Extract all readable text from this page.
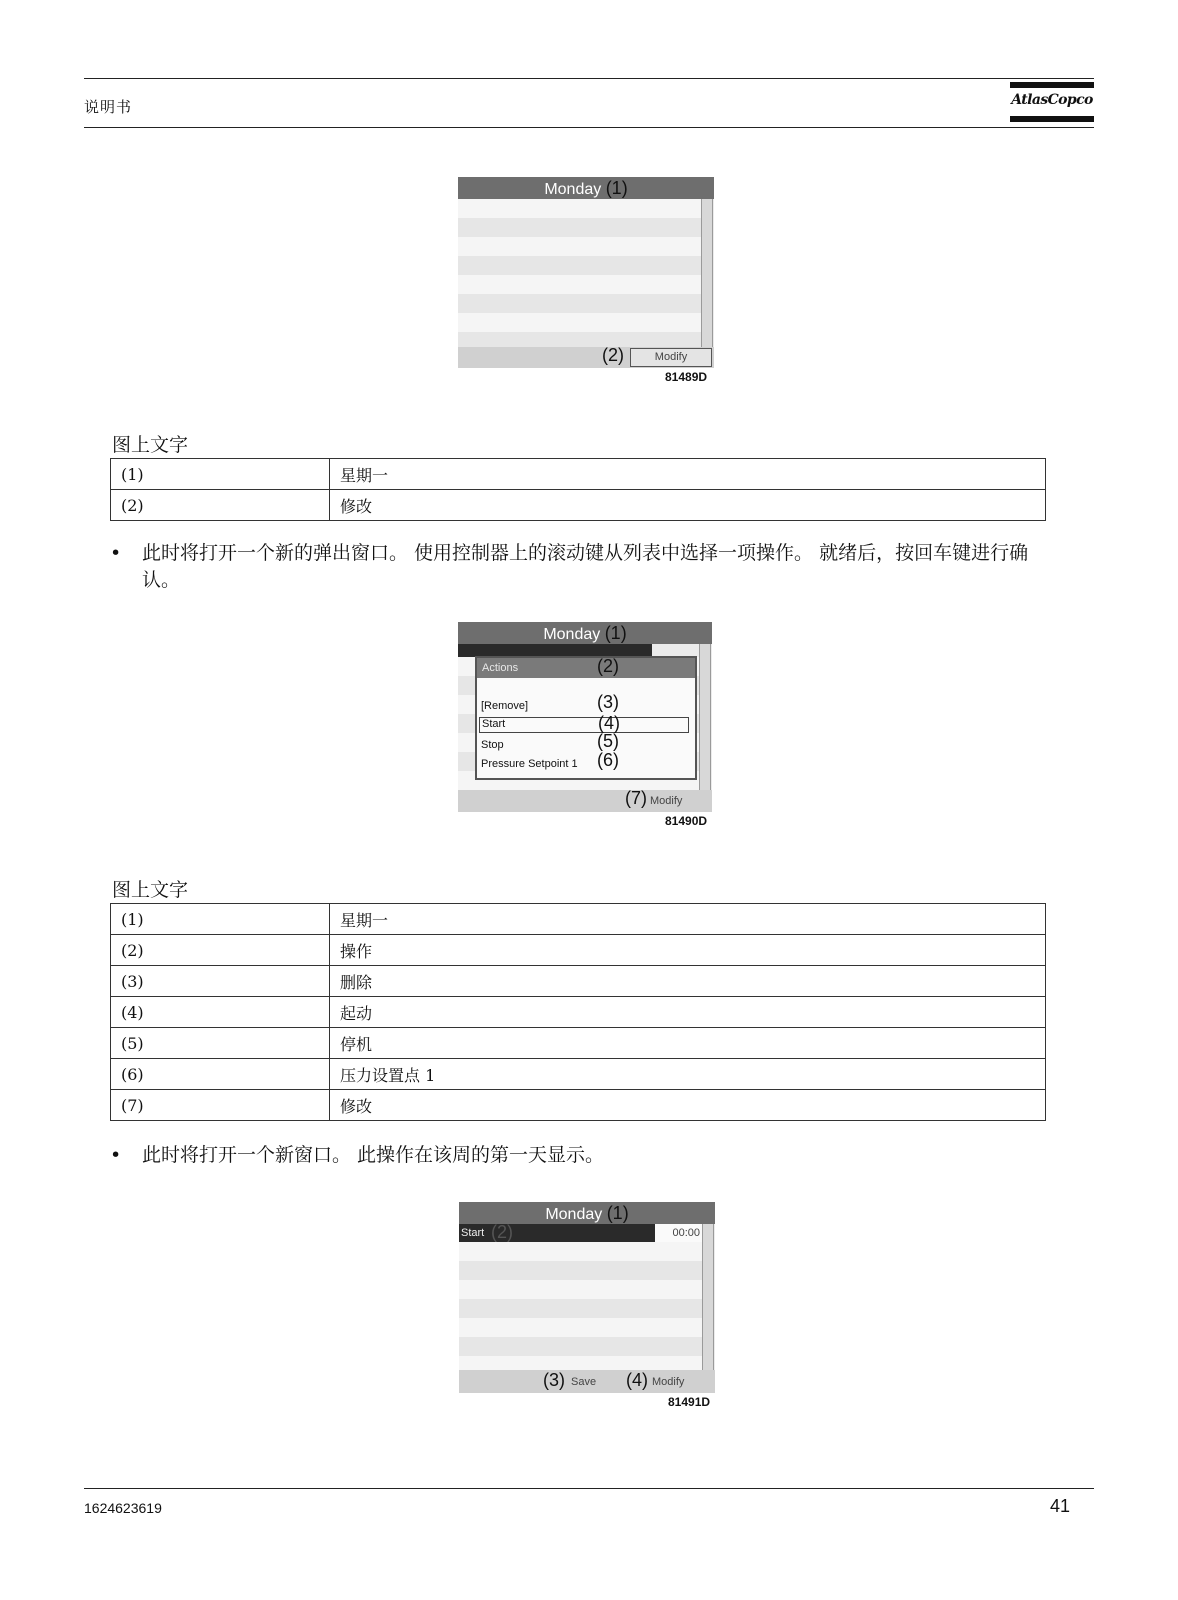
说明书	AtlasCopco
Monday (1)
(2)	Modify
81489D
图上文字
(1)	星期一
(2)	修改
• 此时将打开一个新的弹出窗口。 使用控制器上的滚动键从列表中选择一项操作。 就绪后，按回车键进行确认。
Monday (1)
Actions	(2)
[Remove]	(3)
Start	(4)
Stop	(5)
Pressure Setpoint 1 (6)
(7) Modify
81490D
图上文字
(1)	星期一
(2)	操作
(3)	删除
(4)	起动
(5)	停机
(6)	压力设置点 1
(7)	修改
• 此时将打开一个新窗口。 此操作在该周的第一天显示。
Monday (1)
Start (2)	00:00
(3) Save (4) Modify
81491D
1624623619	41
